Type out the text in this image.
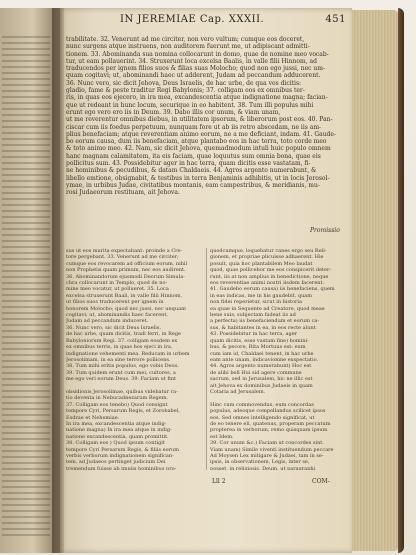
IN JEREMIAE Cap. XXXII.	451
trabilitate. 32. Venerunt ad me circiter, non vero vultum; cumque eos doceret,
nunc surgens atque instruens, non auditorem fuerunt me, ut adipiscant admitti-
tionem. 33. Abominanda sua nomina collocarunt in domo, quae de nomine meo vocab-
tur, ut eam pollauerint. 34. Struxerunt loca excelsa Baalis, in valle filii Hinnom, ad
traducendos per ignem filios suos & filias suas Molocho; quod non ego jussi, nec um-
quam cogitavi; ut, abominandi haec ut adderent, Judam ad peccandum adducerent.
36. Nunc vero, sic dicit Jehova, Deus Israelis, de hac urbe, de qua vos dicitis:
gladio, fame & peste traditur Regi Babylonis; 37. colligam eos ex omnibus ter-
ris, in quas eos ejecero, in ira mea, excandescentia atque indignatione magna; facian-
que ut redeant in hunc locum, securique in eo habitent. 38. Tum illi populus mihi
erunt ego vero ero iis in Deum. 39. Dabo illis cor unum, & viam unam,
ut me reverentur omnibus diebus, in utilitatem ipsorum, & liberorum post eos. 40. Pan-
ciscar cum iis foedus perpetuum, nunquam fore ut ab iis retro abscedam, ne iis am-
plius benefaciam; atque reverentiam animo eorum, ne a me deficiant, indam. 41. Gaude-
bo eorum causa, dum iis benefaciam, atque plantabo eos in hac terra, toto corde meo
& toto animo meo. 42. Nam, sic dicit Jehova, quemadmodum intuli huic populo omnem
hanc magnam calamitatem, ita eis faciam, quae loquutus sum omnia bona, quae eis
pollicitus sum. 43. Possidebitur ager in hac terra, quam dicitis esse vastatam, fi-
ne hominibus & pecudibus, & datam Chaldaeis. 44. Agros argento numerabunt, &
libello emtione, obsignabit, & testibus in terra Benjaminis adhibitis, ut in locis Jerosol-
ymae, in urbibus Judae, civitatibus montanis, eam campestribus, & meridianis, mu-
rosi Judaeorum restituam, ait Jehova.
Promissio
sus ut eos marita expectabant: proinde a Cre-
tore pergebant. 33. Venerunt ad me circiter;
cumque eos revocarem ad officium eorum, nihil
non Prophetis quam primum, nec eos audirent.
36. Abominandorum ejusmodi Deorum Simula-
chra collocarunt in Templo, quod de no-
mine meo vocatur, ut pollueret. 35. Loca
excelsa struxerunt Baali, in valle filii Hinnom,
ut filios suos traducerent per ignem in
honorem Molocho; quod nec jussi, nec unquam
cogitavi; ut, abominandis haec facerent,
Judam ad peccandum induceret.
36. Nunc vero, sic dicit Deus Israelis,
de hac urbe, quam dicitis, tradi ferri, in Rege
Babyloniorum Regi. 37. colligam eosdem ex
ex omnibus terris, in quas hos ejeci in ira,
indignatione vehementi mea. Reducam in urbem
Jerosolimam, in ea sine terrore pollicens.
38. Tum mihi eritis populus, ego vobis Deus.
39. Tum quidem erunt cum mei, cultores, a
me ego veri eorum Deus. 39. Faciam ut fint

obsidionis Jerosolimae, quibus videbatur ra-
tio deventa in Nebucadnezarum Regem.
37. Colligam eos tenebo) Quod consignt
tempore Cyri, Persarum Regis, et Zorobabel,
Esdrae et Nehemiae.
In ira mea, excandescentia atque indig-
natione magna) In ira mea atque in indig-
natione excandescentia, quam promittit.
38. Colligam eos ) Quod ipsum contigit
tempore Cyri Persarum Regis, & filiis eorum
verbis verborum indignationem significan-
tem, ad Judaeos pertinget judicium Dei
tremendum fuisse ab impiis hominibus pro-
quodcumque, loquebatur canes ergo seu Reli-
gionem, et propriae plicuisse adhaerent. Hie
posuit, quia hoc plantabilem Meo laudat
quod, quae pollicebor me eos conspicerit deter-
runt, iis at non amplius in benedictione, neque
eos reverentiae animi nostri iisdem facerent.
41. Gaudebo eorum causa) iis benefaciens, quem
in eas indicas, me in his gaudebit, quam
non fidei reperietur, sicut in historia
ea quae in Sequente ad Creatore, quod meae
bene suis, subjectam fadeat iis ad
a perfecta) iis benefaciendum et eorum ca-
sus, & habitantes in ea, in eos recte alunt
43. Possidebitur in hac terra, ager
quam dicitis, esse vastam fine) homini-
bus, & pecore, Rita Mortuus est: eum
cum iam id, Chaldaei tenent, in hac urbe
eam ante unam, indicaviomne exspectatio.
44. Agros argento numerabunt) Hoc est
de alibi bell Hui sid agere commune
sacrum, sed in Jerusalem, hic ne illic est
ait Jehova ex dominibus Judaeis in quam
Cotaria ad Jerusalem.

Hinc cum commovendus, eum concordas
populus, adeoque compellandus scilicet ipsos
eos. Sed omnes intelligendo significat, ut
de eo tenere eli, quatenus, properam peccatum
propterea in verborum, remo quisquam ipsum
est Idem.
39. Cor unum &c.) Faciam ut concordes sint.
Viam unam) Simile viventi instituendum peccare
Ad Moysen Lex mitigare & Judaei, tam in se-
ipsis, in observationem, Legis, inter se,
posset, in religiosis, Deum, ut paragraphi
Lll 2	COM-
